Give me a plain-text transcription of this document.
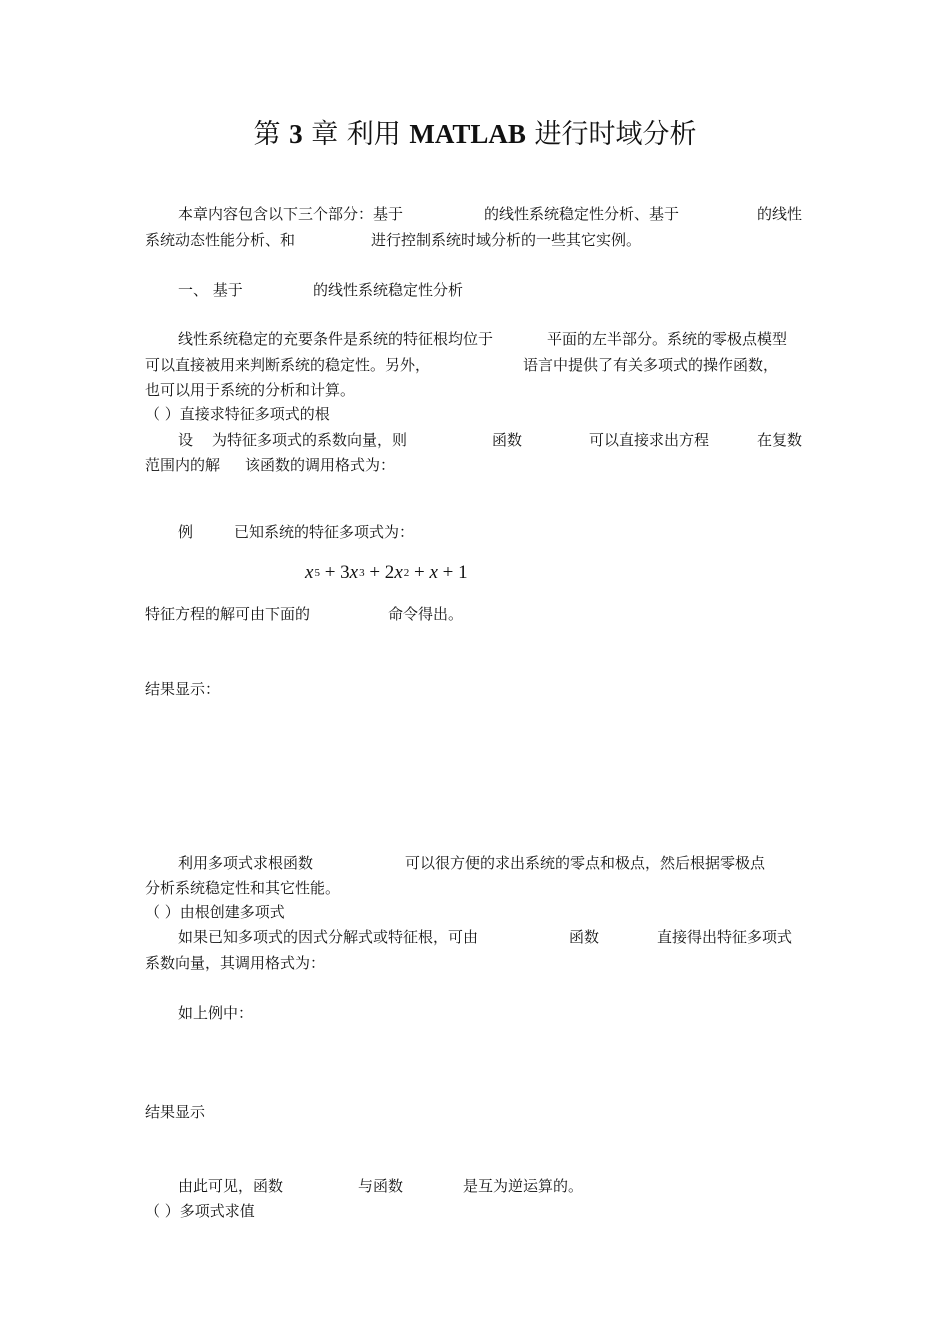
第 3 章 利用 MATLAB 进行时域分析
本章内容包含以下三个部分：基于	的线性系统稳定性分析、基于	的线性
系统动态性能分析、和	进行控制系统时域分析的一些其它实例。
一、 基于	的线性系统稳定性分析
线性系统稳定的充要条件是系统的特征根均位于	平面的左半部分。系统的零极点模型
可以直接被用来判断系统的稳定性。另外，	语言中提供了有关多项式的操作函数，
也可以用于系统的分析和计算。
（ ）直接求特征多项式的根
设 为特征多项式的系数向量，则	函数	可以直接求出方程	在复数
范围内的解 该函数的调用格式为：
例	已知系统的特征多项式为：
$x^5 + 3x^3 + 2x^2 + x + 1$
特征方程的解可由下面的	命令得出。
结果显示：
利用多项式求根函数	可以很方便的求出系统的零点和极点，然后根据零极点
分析系统稳定性和其它性能。
（ ）由根创建多项式
如果已知多项式的因式分解式或特征根，可由	函数	直接得出特征多项式
系数向量，其调用格式为：
如上例中：
结果显示
由此可见，函数	与函数	是互为逆运算的。
（ ）多项式求值
